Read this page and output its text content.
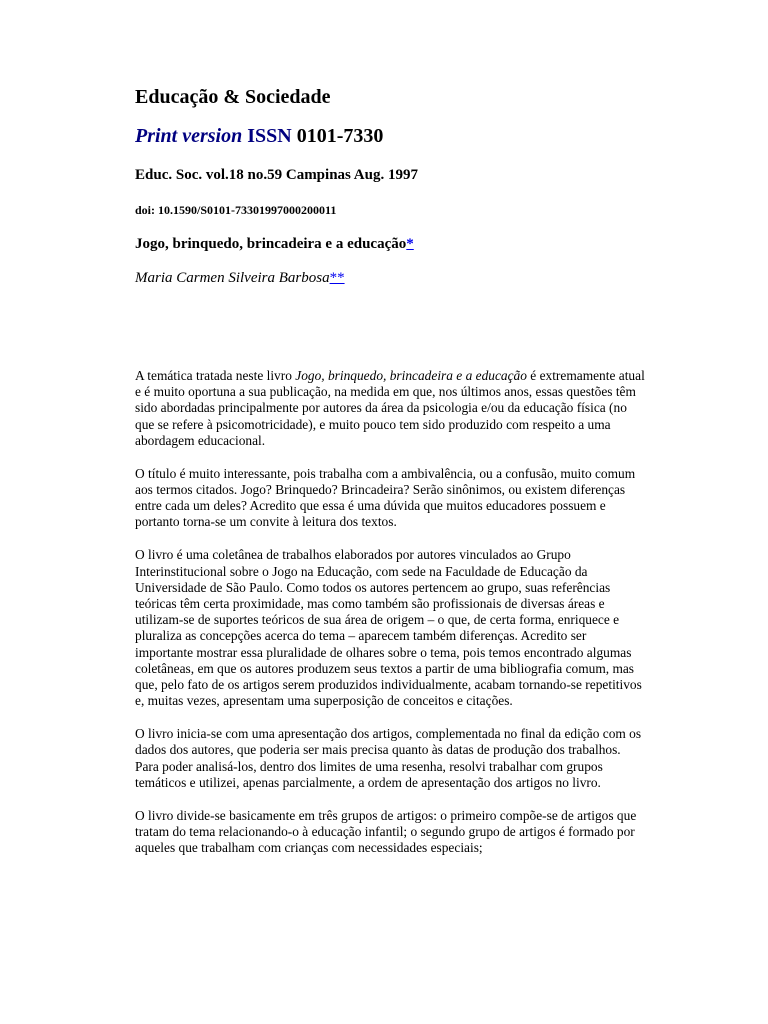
Educação & Sociedade
Print version ISSN 0101-7330
Educ. Soc. vol.18 no.59 Campinas Aug. 1997
doi: 10.1590/S0101-73301997000200011

Jogo, brinquedo, brincadeira e a educação*

Maria Carmen Silveira Barbosa**

A temática tratada neste livro Jogo, brinquedo, brincadeira e a educação é extremamente atual e é muito oportuna a sua publicação, na medida em que, nos últimos anos, essas questões têm sido abordadas principalmente por autores da área da psicologia e/ou da educação física (no que se refere à psicomotricidade), e muito pouco tem sido produzido com respeito a uma abordagem educacional.

O título é muito interessante, pois trabalha com a ambivalência, ou a confusão, muito comum aos termos citados. Jogo? Brinquedo? Brincadeira? Serão sinônimos, ou existem diferenças entre cada um deles? Acredito que essa é uma dúvida que muitos educadores possuem e portanto torna-se um convite à leitura dos textos.

O livro é uma coletânea de trabalhos elaborados por autores vinculados ao Grupo Interinstitucional sobre o Jogo na Educação, com sede na Faculdade de Educação da Universidade de São Paulo. Como todos os autores pertencem ao grupo, suas referências teóricas têm certa proximidade, mas como também são profissionais de diversas áreas e utilizam-se de suportes teóricos de sua área de origem – o que, de certa forma, enriquece e pluraliza as concepções acerca do tema – aparecem também diferenças. Acredito ser importante mostrar essa pluralidade de olhares sobre o tema, pois temos encontrado algumas coletâneas, em que os autores produzem seus textos a partir de uma bibliografia comum, mas que, pelo fato de os artigos serem produzidos individualmente, acabam tornando-se repetitivos e, muitas vezes, apresentam uma superposição de conceitos e citações.

O livro inicia-se com uma apresentação dos artigos, complementada no final da edição com os dados dos autores, que poderia ser mais precisa quanto às datas de produção dos trabalhos. Para poder analisá-los, dentro dos limites de uma resenha, resolvi trabalhar com grupos temáticos e utilizei, apenas parcialmente, a ordem de apresentação dos artigos no livro.

O livro divide-se basicamente em três grupos de artigos: o primeiro compõe-se de artigos que tratam do tema relacionando-o à educação infantil; o segundo grupo de artigos é formado por aqueles que trabalham com crianças com necessidades especiais;
